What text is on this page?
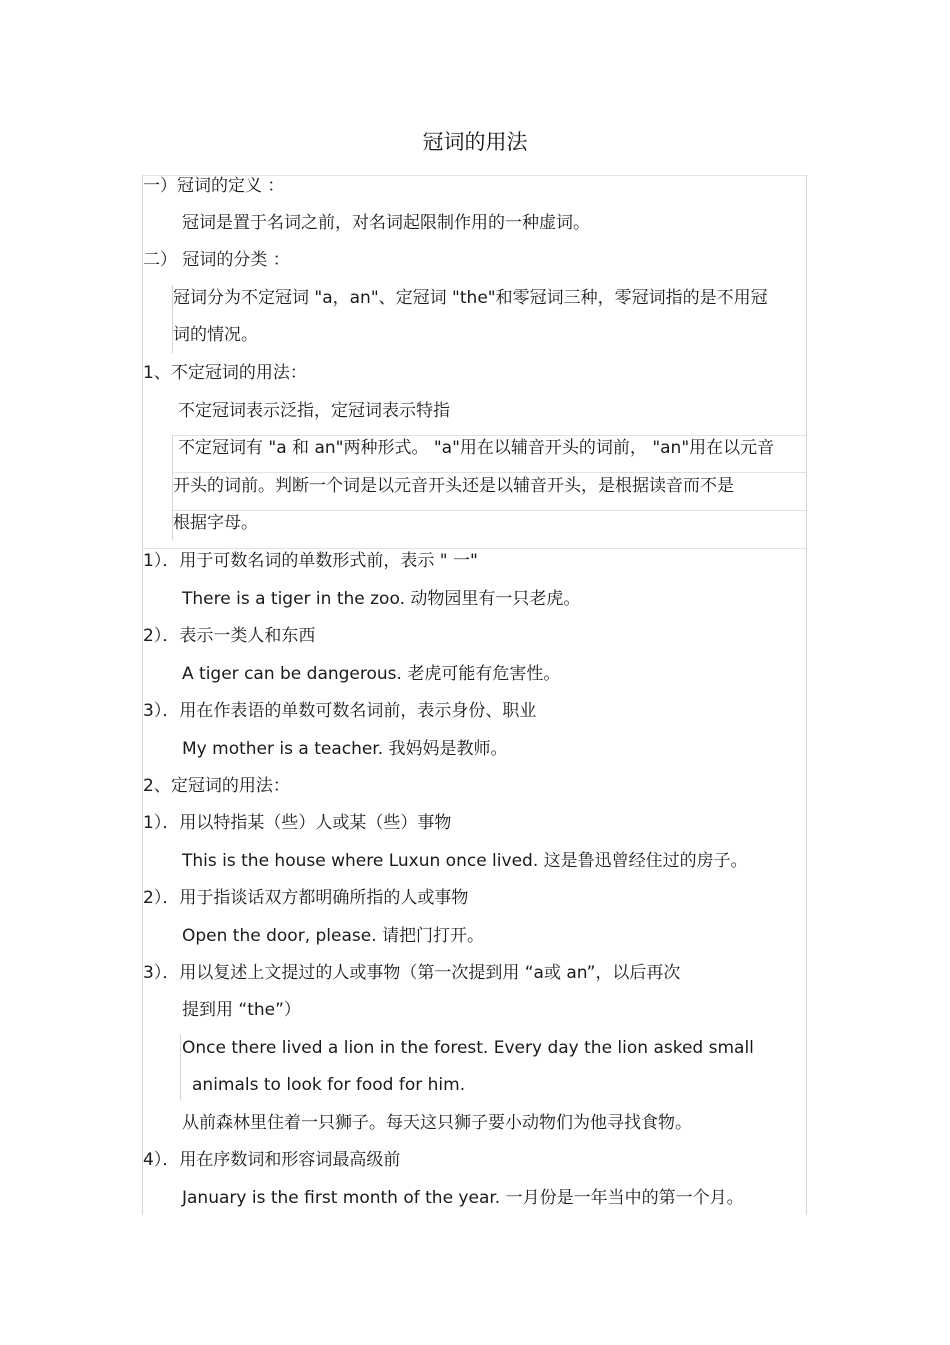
冠词的用法
一）冠词的定义 ：
冠词是置于名词之前，对名词起限制作用的一种虚词。
二） 冠词的分类 ：
冠词分为不定冠词 "a，an"、定冠词 "the"和零冠词三种，零冠词指的是不用冠
词的情况。
1、不定冠词的用法：
不定冠词表示泛指，定冠词表示特指
不定冠词有 "a 和 an"两种形式。 "a"用在以辅音开头的词前， "an"用在以元音
开头的词前。判断一个词是以元音开头还是以辅音开头，是根据读音而不是
根据字母。
1）．用于可数名词的单数形式前，表示 " 一"
There is a tiger in the zoo. 动物园里有一只老虎。
2）．表示一类人和东西
A tiger can be dangerous. 老虎可能有危害性。
3）．用在作表语的单数可数名词前，表示身份、职业
My mother is a teacher. 我妈妈是教师。
2、定冠词的用法：
1）．用以特指某（些）人或某（些）事物
This is the house where Luxun once lived. 这是鲁迅曾经住过的房子。
2）．用于指谈话双方都明确所指的人或事物
Open the door, please. 请把门打开。
3）．用以复述上文提过的人或事物（第一次提到用 “a或 an”，以后再次
提到用 “the”）
Once there lived a lion in the forest. Every day the lion asked small
animals to look for food for him.
从前森林里住着一只狮子。每天这只狮子要小动物们为他寻找食物。
4）．用在序数词和形容词最高级前
January is the first month of the year. 一月份是一年当中的第一个月。
